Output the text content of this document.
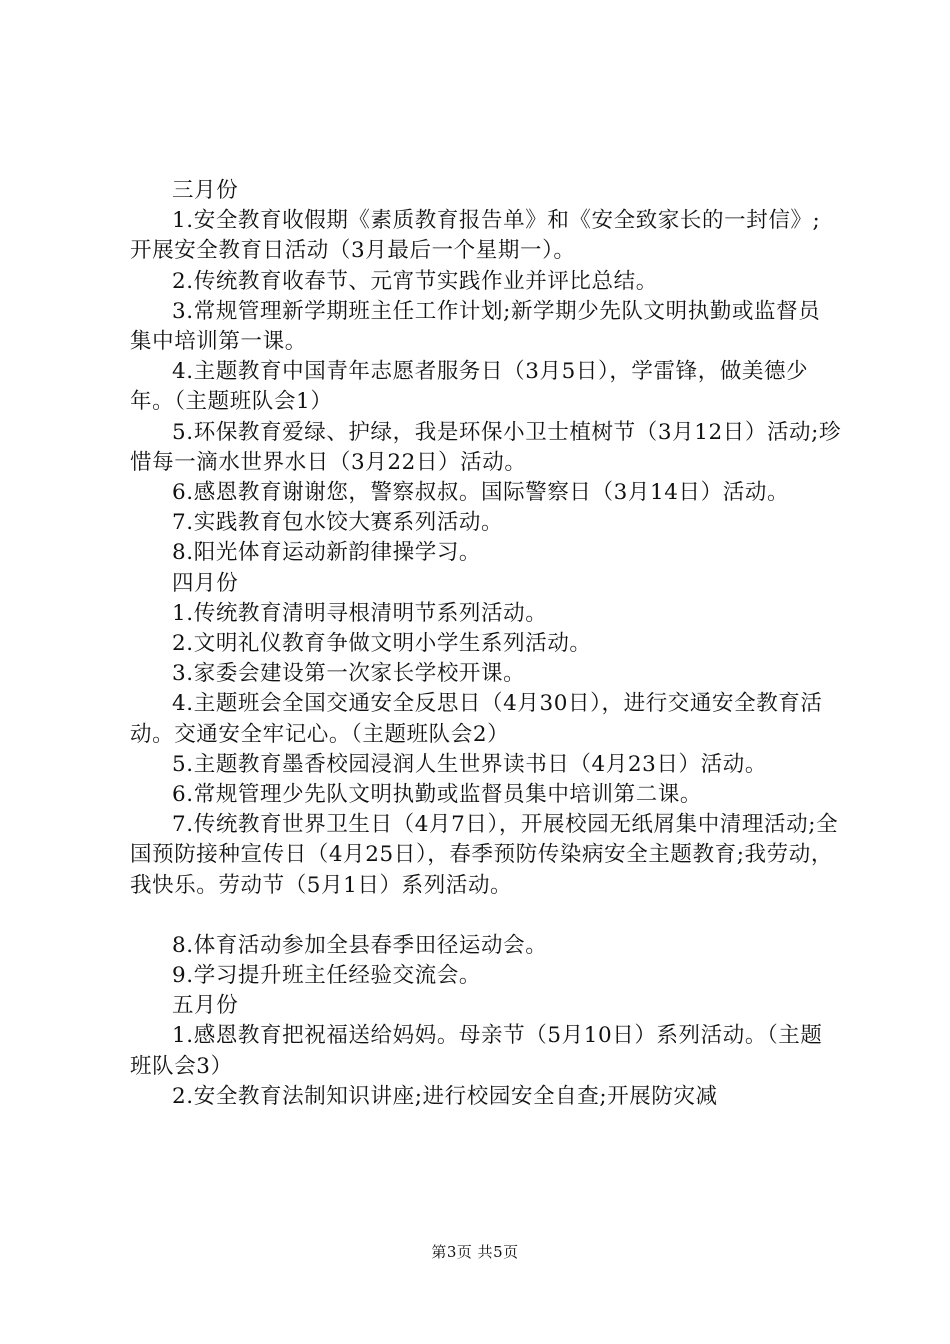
三月份

1.安全教育收假期《素质教育报告单》和《安全致家长的一封信》;开展安全教育日活动（3月最后一个星期一）。

2.传统教育收春节、元宵节实践作业并评比总结。

3.常规管理新学期班主任工作计划;新学期少先队文明执勤或监督员集中培训第一课。

4.主题教育中国青年志愿者服务日（3月5日），学雷锋，做美德少年。（主题班队会1）

5.环保教育爱绿、护绿，我是环保小卫士植树节（3月12日）活动;珍惜每一滴水世界水日（3月22日）活动。

6.感恩教育谢谢您，警察叔叔。国际警察日（3月14日）活动。

7.实践教育包水饺大赛系列活动。

8.阳光体育运动新韵律操学习。

四月份

1.传统教育清明寻根清明节系列活动。

2.文明礼仪教育争做文明小学生系列活动。

3.家委会建设第一次家长学校开课。

4.主题班会全国交通安全反思日（4月30日），进行交通安全教育活动。交通安全牢记心。（主题班队会2）

5.主题教育墨香校园浸润人生世界读书日（4月23日）活动。

6.常规管理少先队文明执勤或监督员集中培训第二课。

7.传统教育世界卫生日（4月7日），开展校园无纸屑集中清理活动;全国预防接种宣传日（4月25日），春季预防传染病安全主题教育;我劳动，我快乐。劳动节（5月1日）系列活动。

8.体育活动参加全县春季田径运动会。

9.学习提升班主任经验交流会。

五月份

1.感恩教育把祝福送给妈妈。母亲节（5月10日）系列活动。（主题班队会3）

2.安全教育法制知识讲座;进行校园安全自查;开展防灾减

第3页 共5页
